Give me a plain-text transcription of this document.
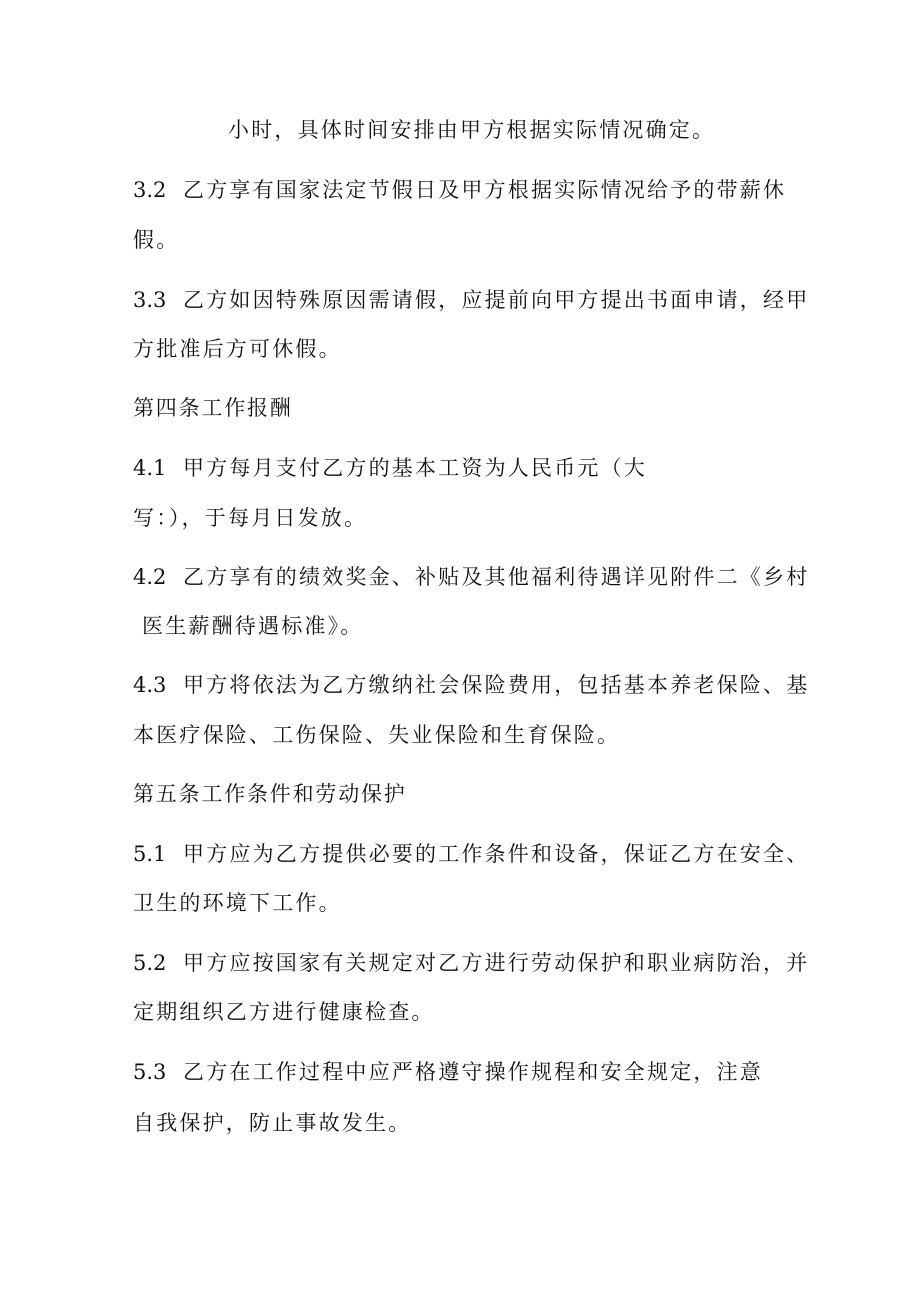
小时，具体时间安排由甲方根据实际情况确定。
3.2 乙方享有国家法定节假日及甲方根据实际情况给予的带薪休
假。
3.3 乙方如因特殊原因需请假，应提前向甲方提出书面申请，经甲
方批准后方可休假。
第四条工作报酬
4.1 甲方每月支付乙方的基本工资为人民币元（大
写：），于每月日发放。
4.2 乙方享有的绩效奖金、补贴及其他福利待遇详见附件二《乡村
医生薪酬待遇标准》。
4.3 甲方将依法为乙方缴纳社会保险费用，包括基本养老保险、基
本医疗保险、工伤保险、失业保险和生育保险。
第五条工作条件和劳动保护
5.1 甲方应为乙方提供必要的工作条件和设备，保证乙方在安全、
卫生的环境下工作。
5.2 甲方应按国家有关规定对乙方进行劳动保护和职业病防治，并
定期组织乙方进行健康检查。
5.3 乙方在工作过程中应严格遵守操作规程和安全规定，注意
自我保护，防止事故发生。
